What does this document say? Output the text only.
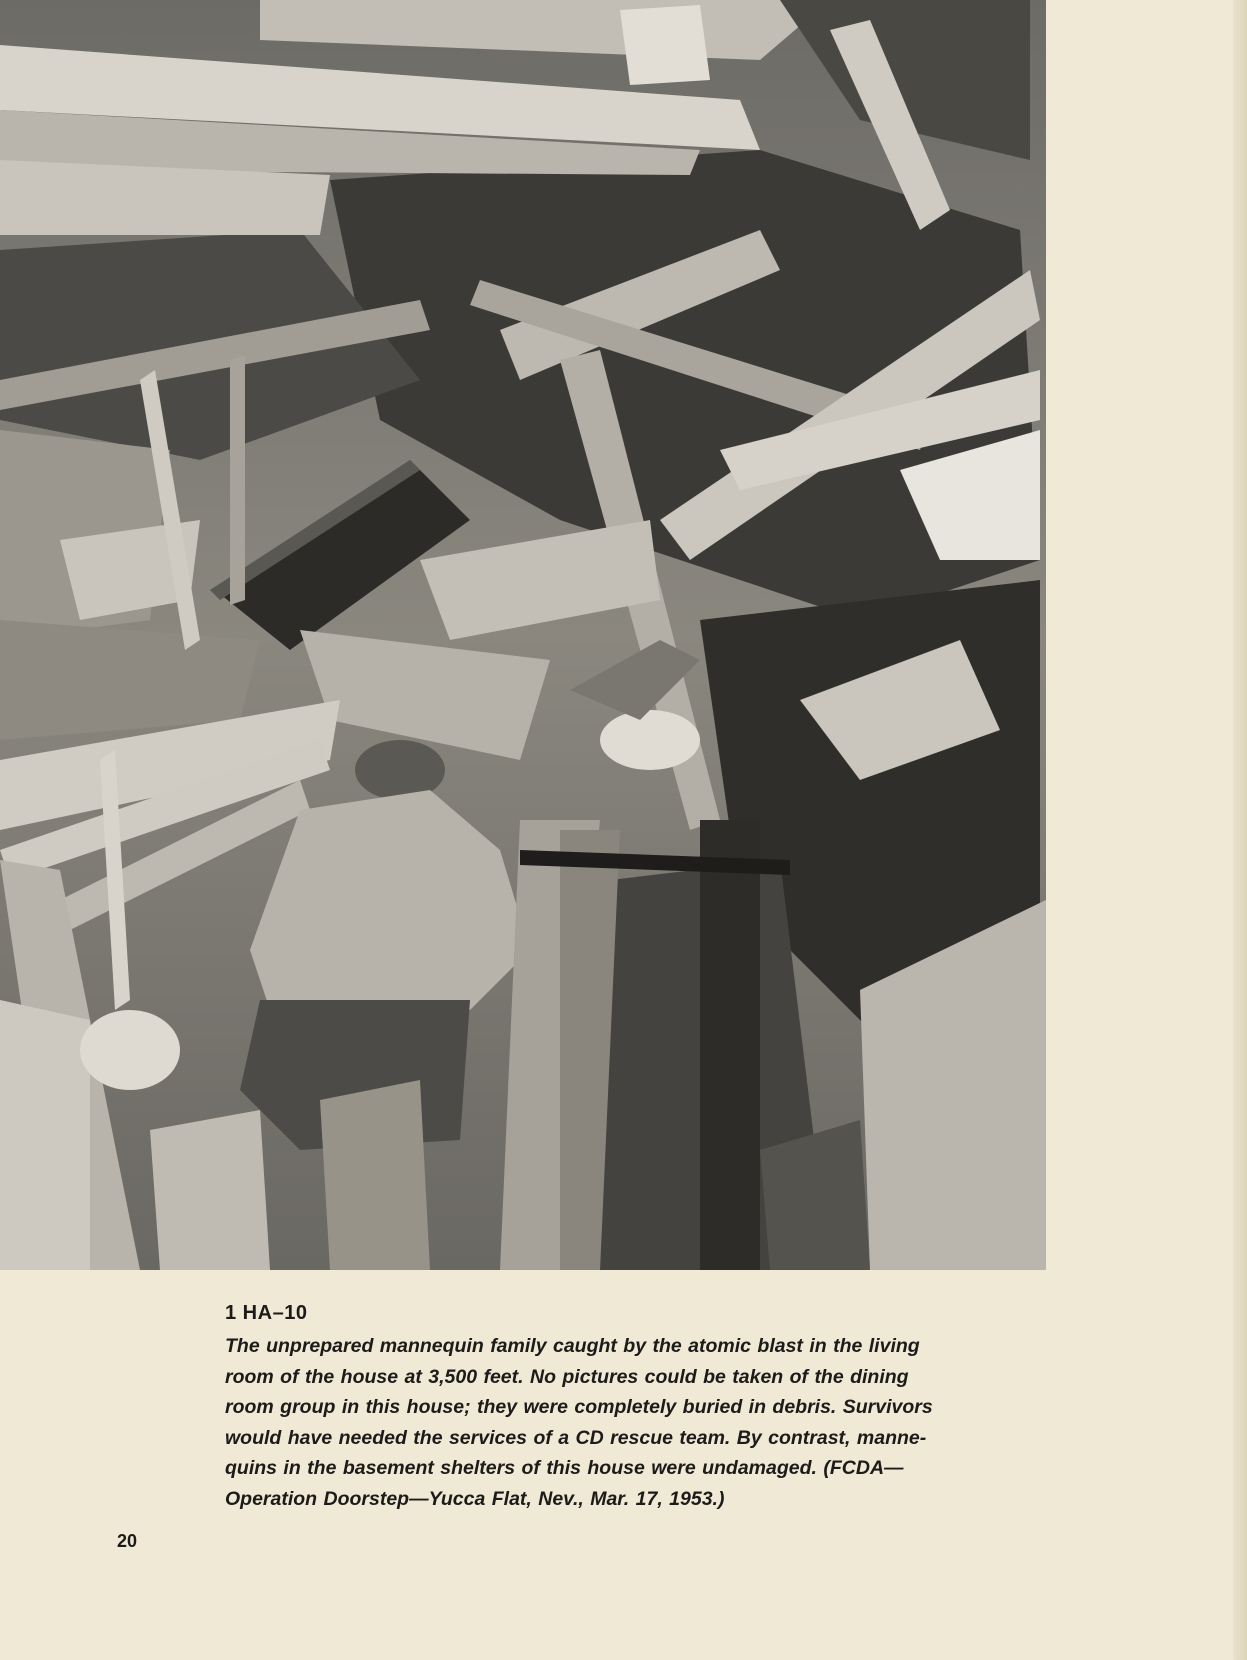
1 HA–10

The unprepared mannequin family caught by the atomic blast in the living
room of the house at 3,500 feet. No pictures could be taken of the dining
room group in this house; they were completely buried in debris. Survivors
would have needed the services of a CD rescue team. By contrast, manne-
quins in the basement shelters of this house were undamaged. (FCDA—
Operation Doorstep—Yucca Flat, Nev., Mar. 17, 1953.)

20
